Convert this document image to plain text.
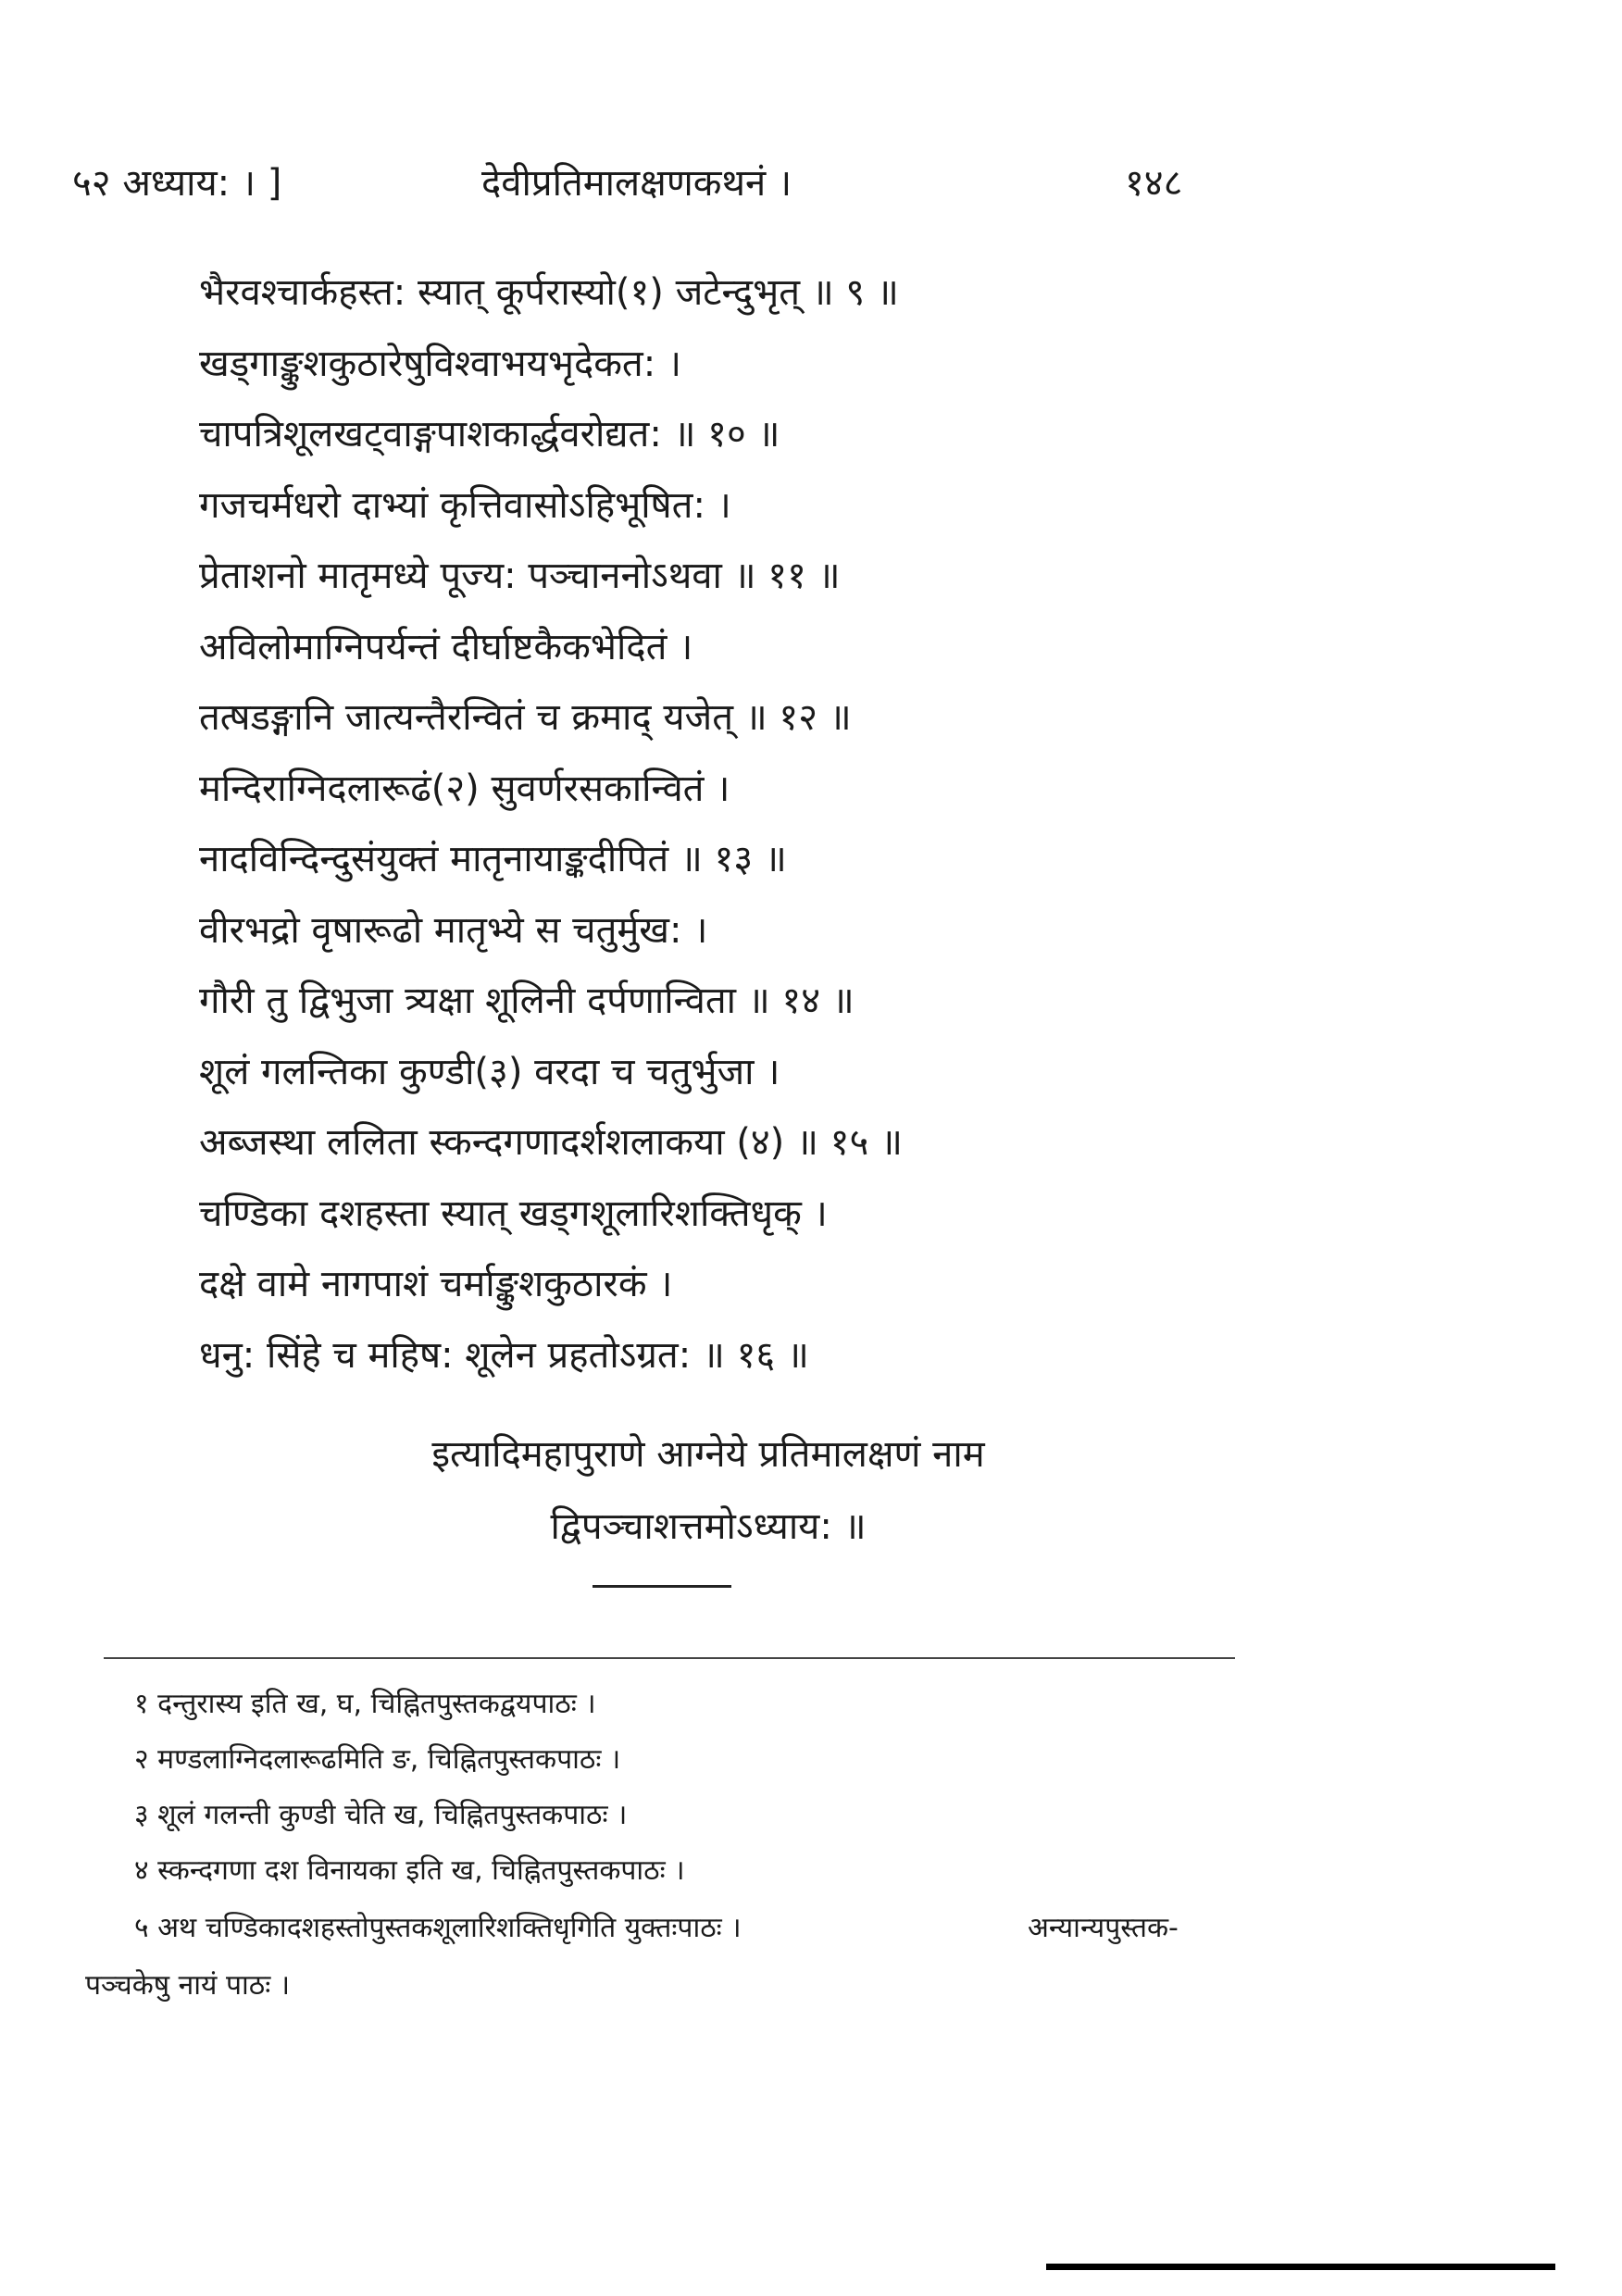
५२ अध्याय: । ]	देवीप्रतिमालक्षणकथनं ।	१४८
भैरवश्चार्कहस्त: स्यात् कूर्परास्यो(१) जटेन्दुभृत् ॥ ९ ॥
खड्गाङ्कुशकुठारेषुविश्वाभयभृदेकत: ।
चापत्रिशूलखट्वाङ्गपाशकार्द्धवरोद्यत: ॥ १० ॥
गजचर्मधरो दाभ्यां कृत्तिवासोऽहिभूषित: ।
प्रेताशनो मातृमध्ये पूज्य: पञ्चाननोऽथवा ॥ ११ ॥
अविलोमाग्निपर्यन्तं दीर्घाष्टकैकभेदितं ।
तत्षडङ्गानि जात्यन्तैरन्वितं च क्रमाद् यजेत् ॥ १२ ॥
मन्दिराग्निदलारूढं(२) सुवर्णरसकान्वितं ।
नादविन्दिन्दुसंयुक्तं मातृनायाङ्कदीपितं ॥ १३ ॥
वीरभद्रो वृषारूढो मातृभ्ये स चतुर्मुख: ।
गौरी तु द्विभुजा त्र्यक्षा शूलिनी दर्पणान्विता ॥ १४ ॥
शूलं गलन्तिका कुण्डी(३) वरदा च चतुर्भुजा ।
अब्जस्था ललिता स्कन्दगणादर्शशलाकया (४) ॥ १५ ॥
चण्डिका दशहस्ता स्यात् खड्गशूलारिशक्तिधृक् ।
दक्षे वामे नागपाशं चर्माङ्कुशकुठारकं ।
धनु: सिंहे च महिष: शूलेन प्रहतोऽग्रत: ॥ १६ ॥
इत्यादिमहापुराणे आग्नेये प्रतिमालक्षणं नाम
द्विपञ्चाशत्तमोऽध्याय: ॥
१ दन्तुरास्य इति ख, घ, चिह्नितपुस्तकद्वयपाठः ।
२ मण्डलाग्निदलारूढमिति ङ, चिह्नितपुस्तकपाठः ।
३ शूलं गलन्ती कुण्डी चेति ख, चिह्नितपुस्तकपाठः ।
४ स्कन्दगणा दश विनायका इति ख, चिह्नितपुस्तकपाठः ।
५ अथ चण्डिकादशहस्तोपुस्तकशूलारिशक्तिधृगिति युक्तःपाठः ।	अन्यान्यपुस्तक-
पञ्चकेषु नायं पाठः ।
